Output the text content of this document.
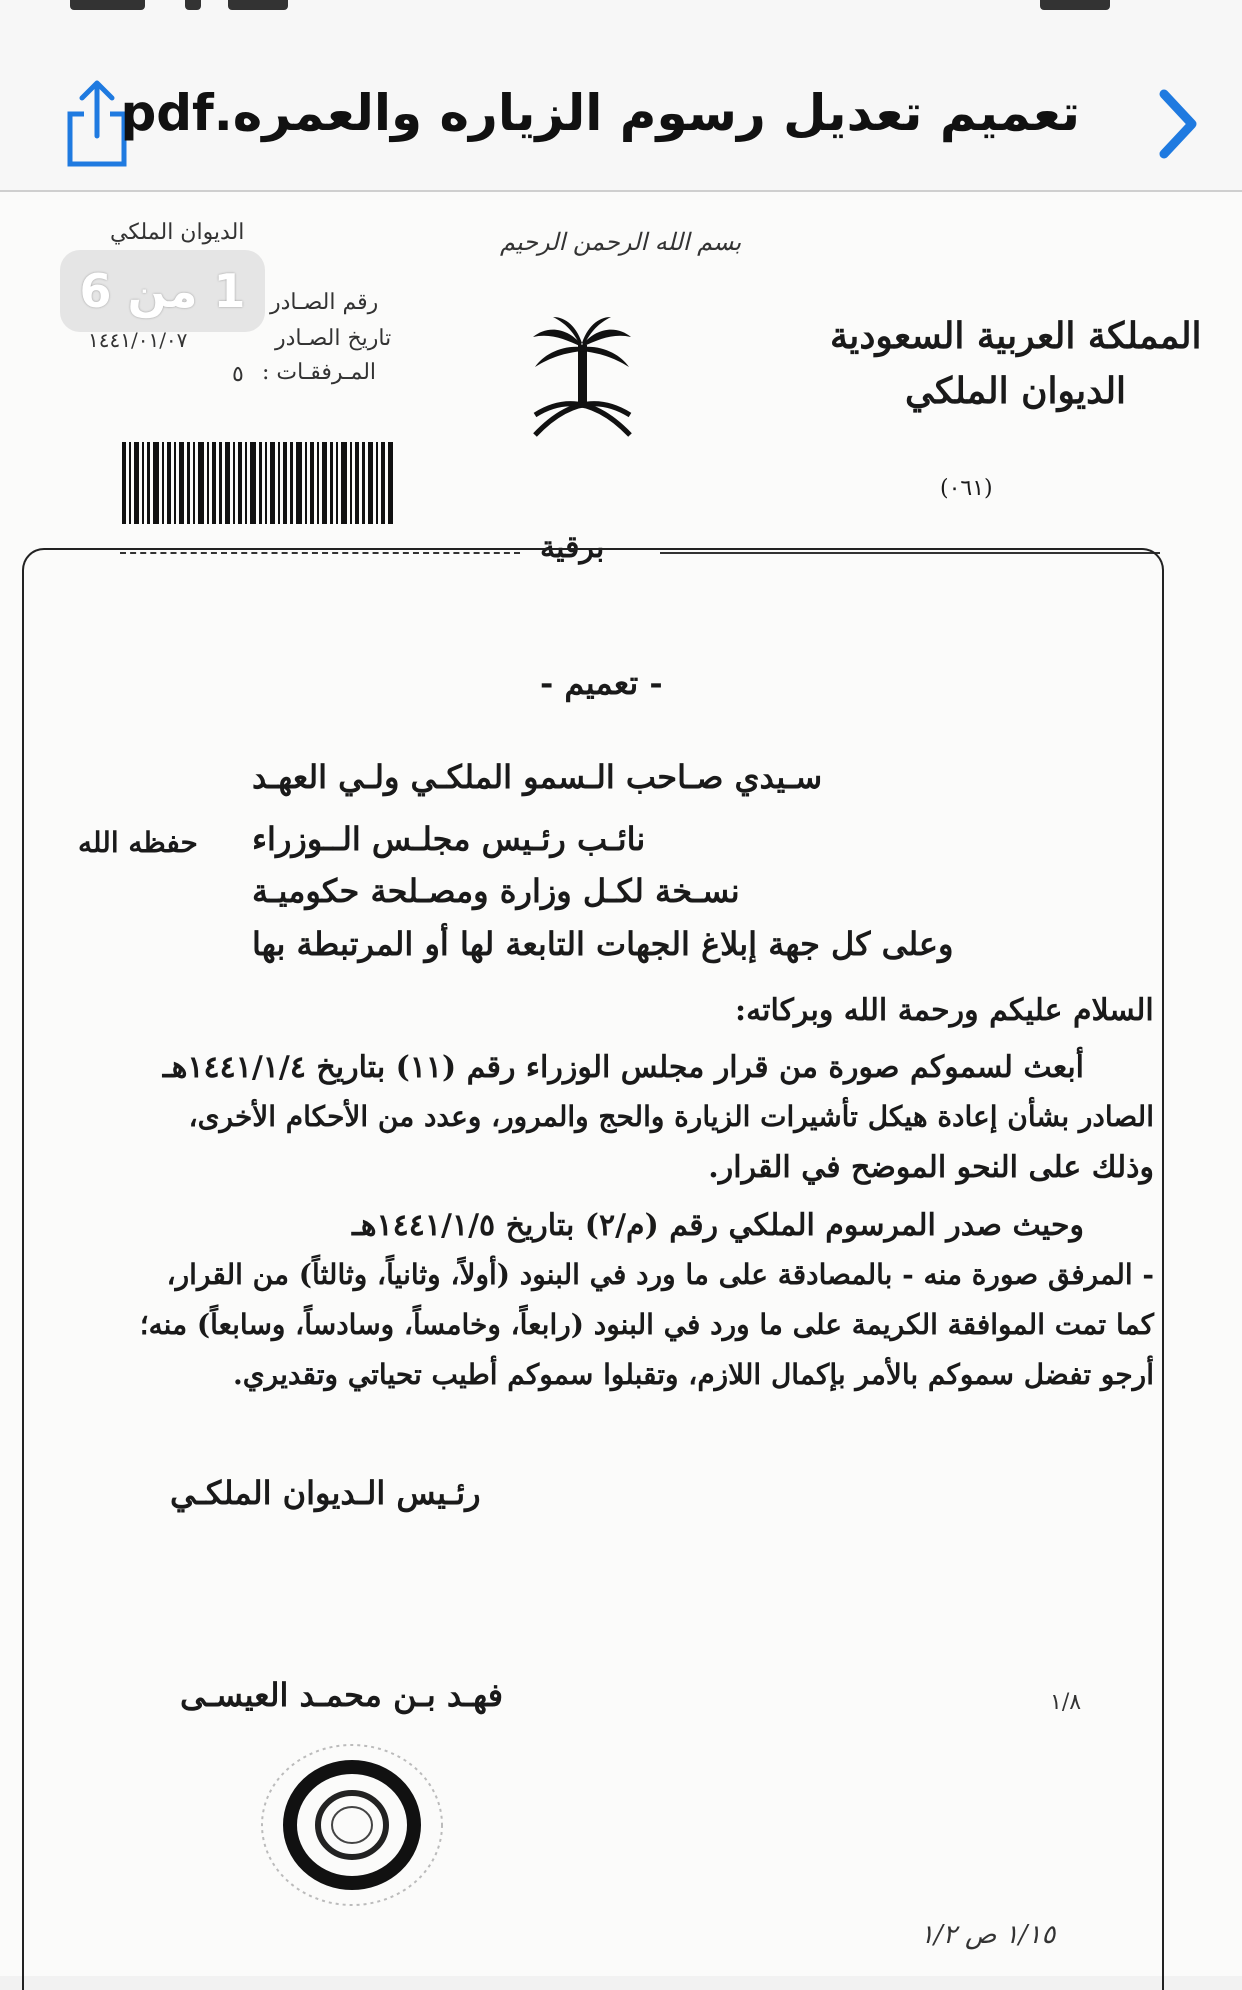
تعميم تعديل رسوم الزياره والعمره.pdf
الديوان الملكي	بسم الله الرحمن الرحيم
1 من 6	رقم الصـادر
تاريخ الصـادر
١٤٤١/٠١/٠٧
المـرفقـات :
٥
المملكة العربية السعودية
الديوان الملكي
(٠٦١)
برقية
- تعميم -
سـيدي صـاحب الـسمو الملكـي ولـي العهـد
نائـب رئـيس مجلـس الــوزراء
حفظه الله
نسـخة لكـل وزارة ومصـلحة حكوميـة
وعلى كل جهة إبلاغ الجهات التابعة لها أو المرتبطة بها
السلام عليكم ورحمة الله وبركاته:
أبعث لسموكم صورة من قرار مجلس الوزراء رقم (١١) بتاريخ ١٤٤١/١/٤هـ
الصادر بشأن إعادة هيكل تأشيرات الزيارة والحج والمرور، وعدد من الأحكام الأخرى،
وذلك على النحو الموضح في القرار.
وحيث صدر المرسوم الملكي رقم (م/٢) بتاريخ ١٤٤١/١/٥هـ
- المرفق صورة منه - بالمصادقة على ما ورد في البنود (أولاً، وثانياً، وثالثاً) من القرار،
كما تمت الموافقة الكريمة على ما ورد في البنود (رابعاً، وخامساً، وسادساً، وسابعاً) منه؛
أرجو تفضل سموكم بالأمر بإكمال اللازم، وتقبلوا سموكم أطيب تحياتي وتقديري.
رئـيس الـديوان الملكـي
فهـد بـن محمـد العيسـى	١/٨
١/١٥ ص ١/٢
